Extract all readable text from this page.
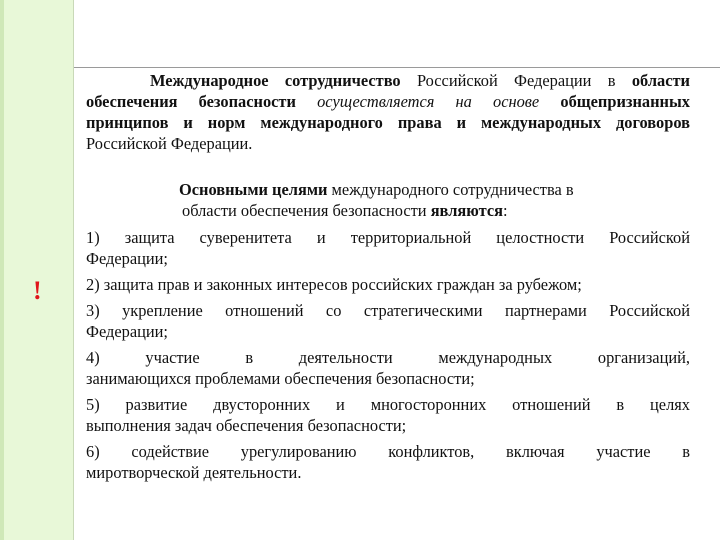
!

Международное сотрудничество Российской Федерации в области обеспечения безопасности осуществляется на основе общепризнанных принципов и норм международного права и международных договоров Российской Федерации.

Основными целями международного сотрудничества в
области обеспечения безопасности являются:
1) защита суверенитета и территориальной целостности Российской
Федерации;
2) защита прав и законных интересов российских граждан за рубежом;
3) укрепление отношений со стратегическими партнерами Российской
Федерации;
4) участие в деятельности международных организаций,
занимающихся проблемами обеспечения безопасности;
5) развитие двусторонних и многосторонних отношений в целях
выполнения задач обеспечения безопасности;
6) содействие урегулированию конфликтов, включая участие в
миротворческой деятельности.
